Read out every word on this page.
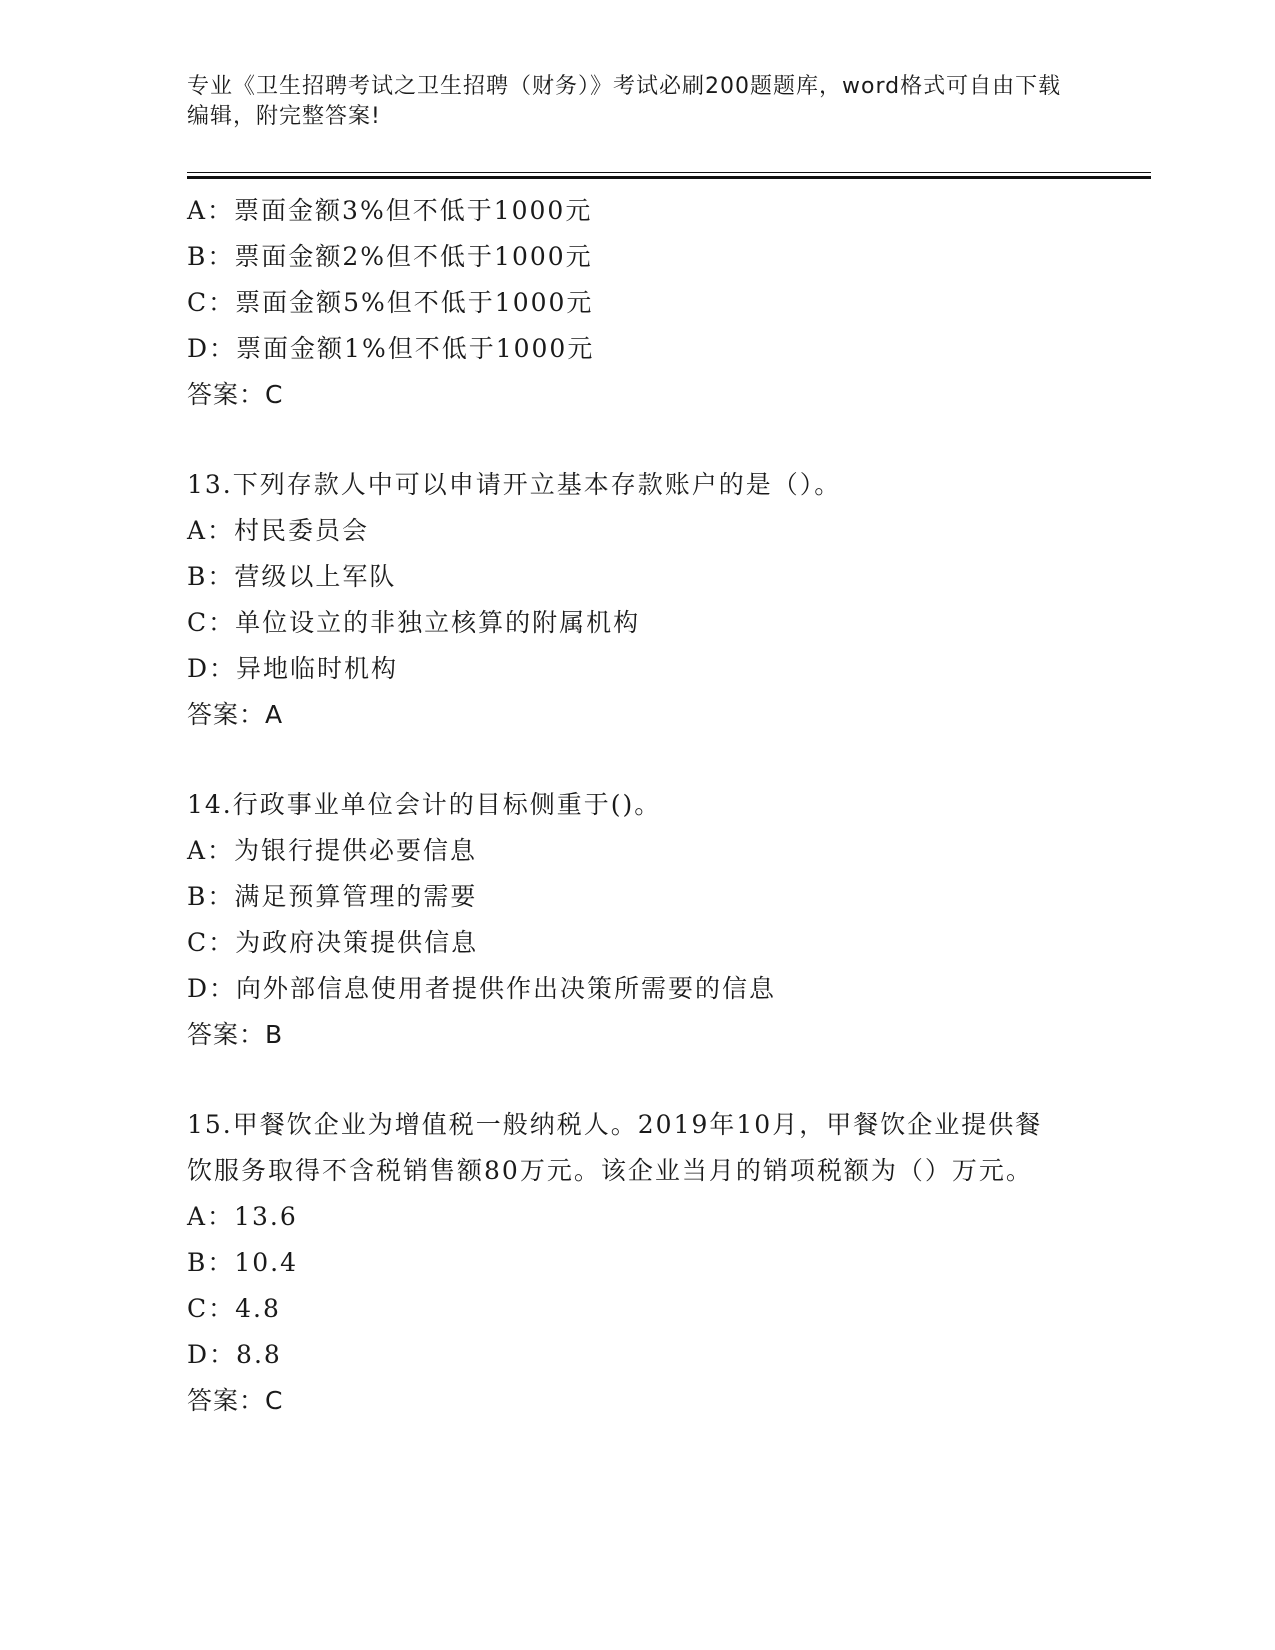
专业《卫生招聘考试之卫生招聘（财务）》考试必刷200题题库，word格式可自由下载编辑，附完整答案!
A：票面金额3%但不低于1000元
B：票面金额2%但不低于1000元
C：票面金额5%但不低于1000元
D：票面金额1%但不低于1000元
答案：C
13.下列存款人中可以申请开立基本存款账户的是（）。
A：村民委员会
B：营级以上军队
C：单位设立的非独立核算的附属机构
D：异地临时机构
答案：A
14.行政事业单位会计的目标侧重于()。
A：为银行提供必要信息
B：满足预算管理的需要
C：为政府决策提供信息
D：向外部信息使用者提供作出决策所需要的信息
答案：B
15.甲餐饮企业为增值税一般纳税人。2019年10月，甲餐饮企业提供餐饮服务取得不含税销售额80万元。该企业当月的销项税额为（）万元。
A：13.6
B：10.4
C：4.8
D：8.8
答案：C
